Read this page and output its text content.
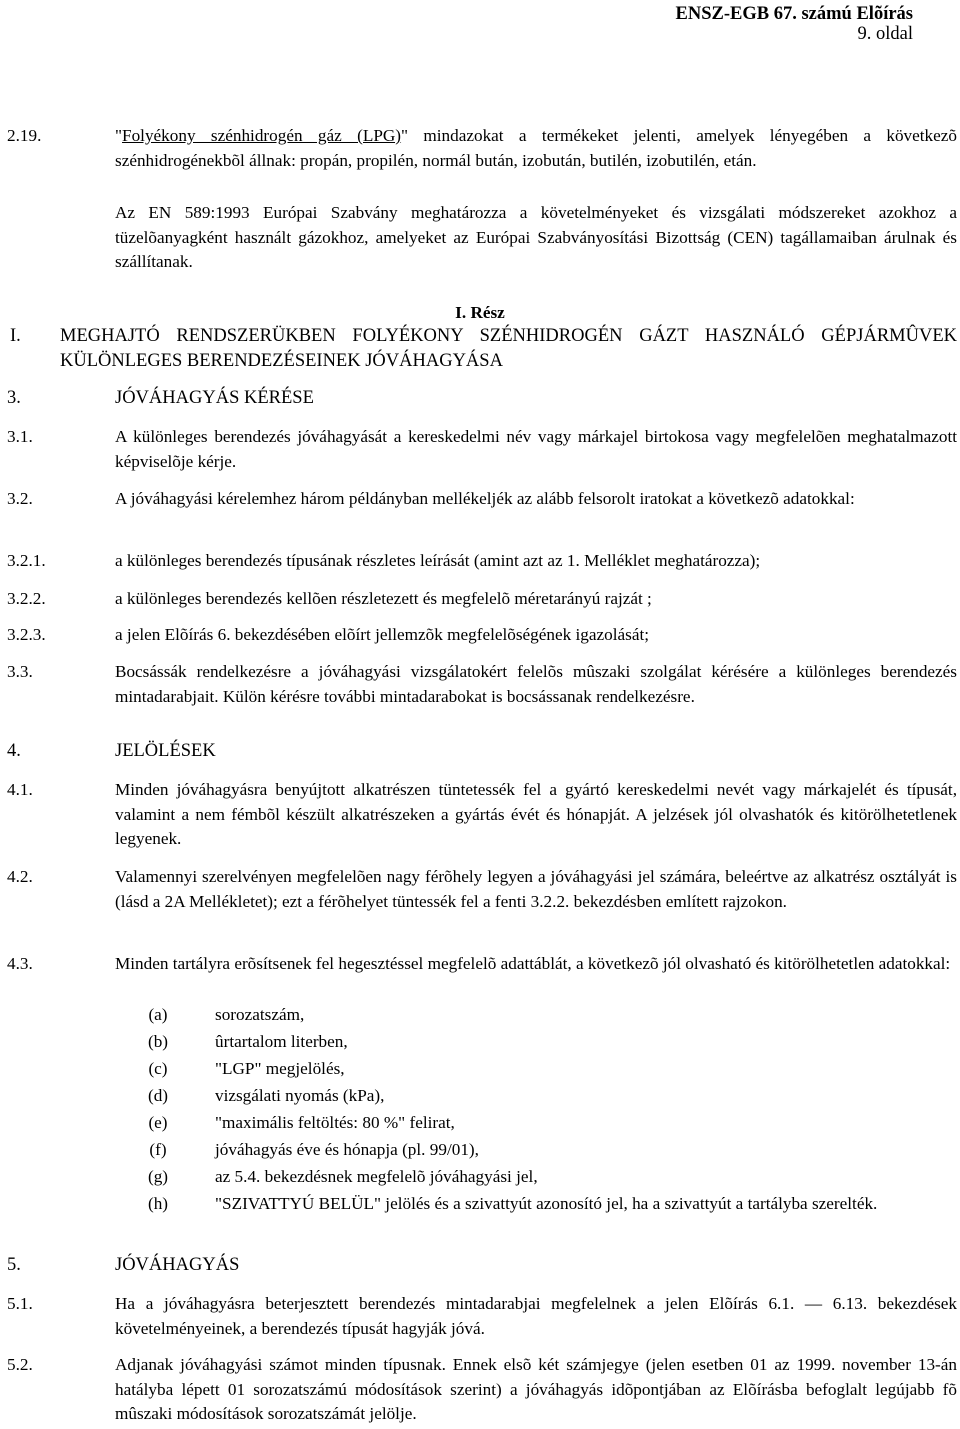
ENSZ-EGB 67. számú Elõírás
9. oldal
2.19.	"Folyékony szénhidrogén gáz (LPG)" mindazokat a termékeket jelenti, amelyek lényegében a következõ szénhidrogénekbõl állnak: propán, propilén, normál bután, izobután, butilén, izobutilén, etán.
Az EN 589:1993 Európai Szabvány meghatározza a követelményeket és vizsgálati módszereket azokhoz a tüzelõanyagként használt gázokhoz, amelyeket az Európai Szabványosítási Bizottság (CEN) tagállamaiban árulnak és szállítanak.
I. Rész
I. MEGHAJTÓ RENDSZERÜKBEN FOLYÉKONY SZÉNHIDROGÉN GÁZT HASZNÁLÓ GÉPJÁRMÛVEK KÜLÖNLEGES BERENDEZÉSEINEK JÓVÁHAGYÁSA
3.	JÓVÁHAGYÁS KÉRÉSE
3.1.	A különleges berendezés jóváhagyását a kereskedelmi név vagy márkajel birtokosa vagy megfelelõen meghatalmazott képviselõje kérje.
3.2.	A jóváhagyási kérelemhez három példányban mellékeljék az alább felsorolt iratokat a következõ adatokkal:
3.2.1.	a különleges berendezés típusának részletes leírását (amint azt az 1. Melléklet meghatározza);
3.2.2.	a különleges berendezés kellõen részletezett és megfelelõ méretarányú rajzát ;
3.2.3.	a jelen Elõírás 6. bekezdésében elõírt jellemzõk megfelelõségének igazolását;
3.3.	Bocsássák rendelkezésre a jóváhagyási vizsgálatokért felelõs mûszaki szolgálat kérésére a különleges berendezés mintadarabjait. Külön kérésre további mintadarabokat is bocsássanak rendelkezésre.
4.	JELÖLÉSEK
4.1.	Minden jóváhagyásra benyújtott alkatrészen tüntetessék fel a gyártó kereskedelmi nevét vagy márkajelét és típusát, valamint a nem fémbõl készült alkatrészeken a gyártás évét és hónapját. A jelzések jól olvashatók és kitörölhetetlenek legyenek.
4.2.	Valamennyi szerelvényen megfelelõen nagy férõhely legyen a jóváhagyási jel számára, beleértve az alkatrész osztályát is (lásd a 2A Mellékletet); ezt a férõhelyet tüntessék fel a fenti 3.2.2. bekezdésben említett rajzokon.
4.3.	Minden tartályra erõsítsenek fel hegesztéssel megfelelõ adattáblát, a következõ jól olvasható és kitörölhetetlen adatokkal:
(a)	sorozatszám,
(b)	ûrtartalom literben,
(c)	"LGP" megjelölés,
(d)	vizsgálati nyomás (kPa),
(e)	"maximális feltöltés: 80 %" felirat,
(f)	jóváhagyás éve és hónapja (pl. 99/01),
(g)	az 5.4. bekezdésnek megfelelõ jóváhagyási jel,
(h)	"SZIVATTYÚ BELÜL" jelölés és a szivattyút azonosító jel, ha a szivattyút a tartályba szerelték.
5.	JÓVÁHAGYÁS
5.1.	Ha a jóváhagyásra beterjesztett berendezés mintadarabjai megfelelnek a jelen Elõírás 6.1. — 6.13. bekezdések követelményeinek, a berendezés típusát hagyják jóvá.
5.2.	Adjanak jóváhagyási számot minden típusnak. Ennek elsõ két számjegye (jelen esetben 01 az 1999. november 13-án hatályba lépett 01 sorozatszámú módosítások szerint) a jóváhagyás idõpontjában az Elõírásba befoglalt legújabb fõ mûszaki módosítások sorozatszámát jelölje.
